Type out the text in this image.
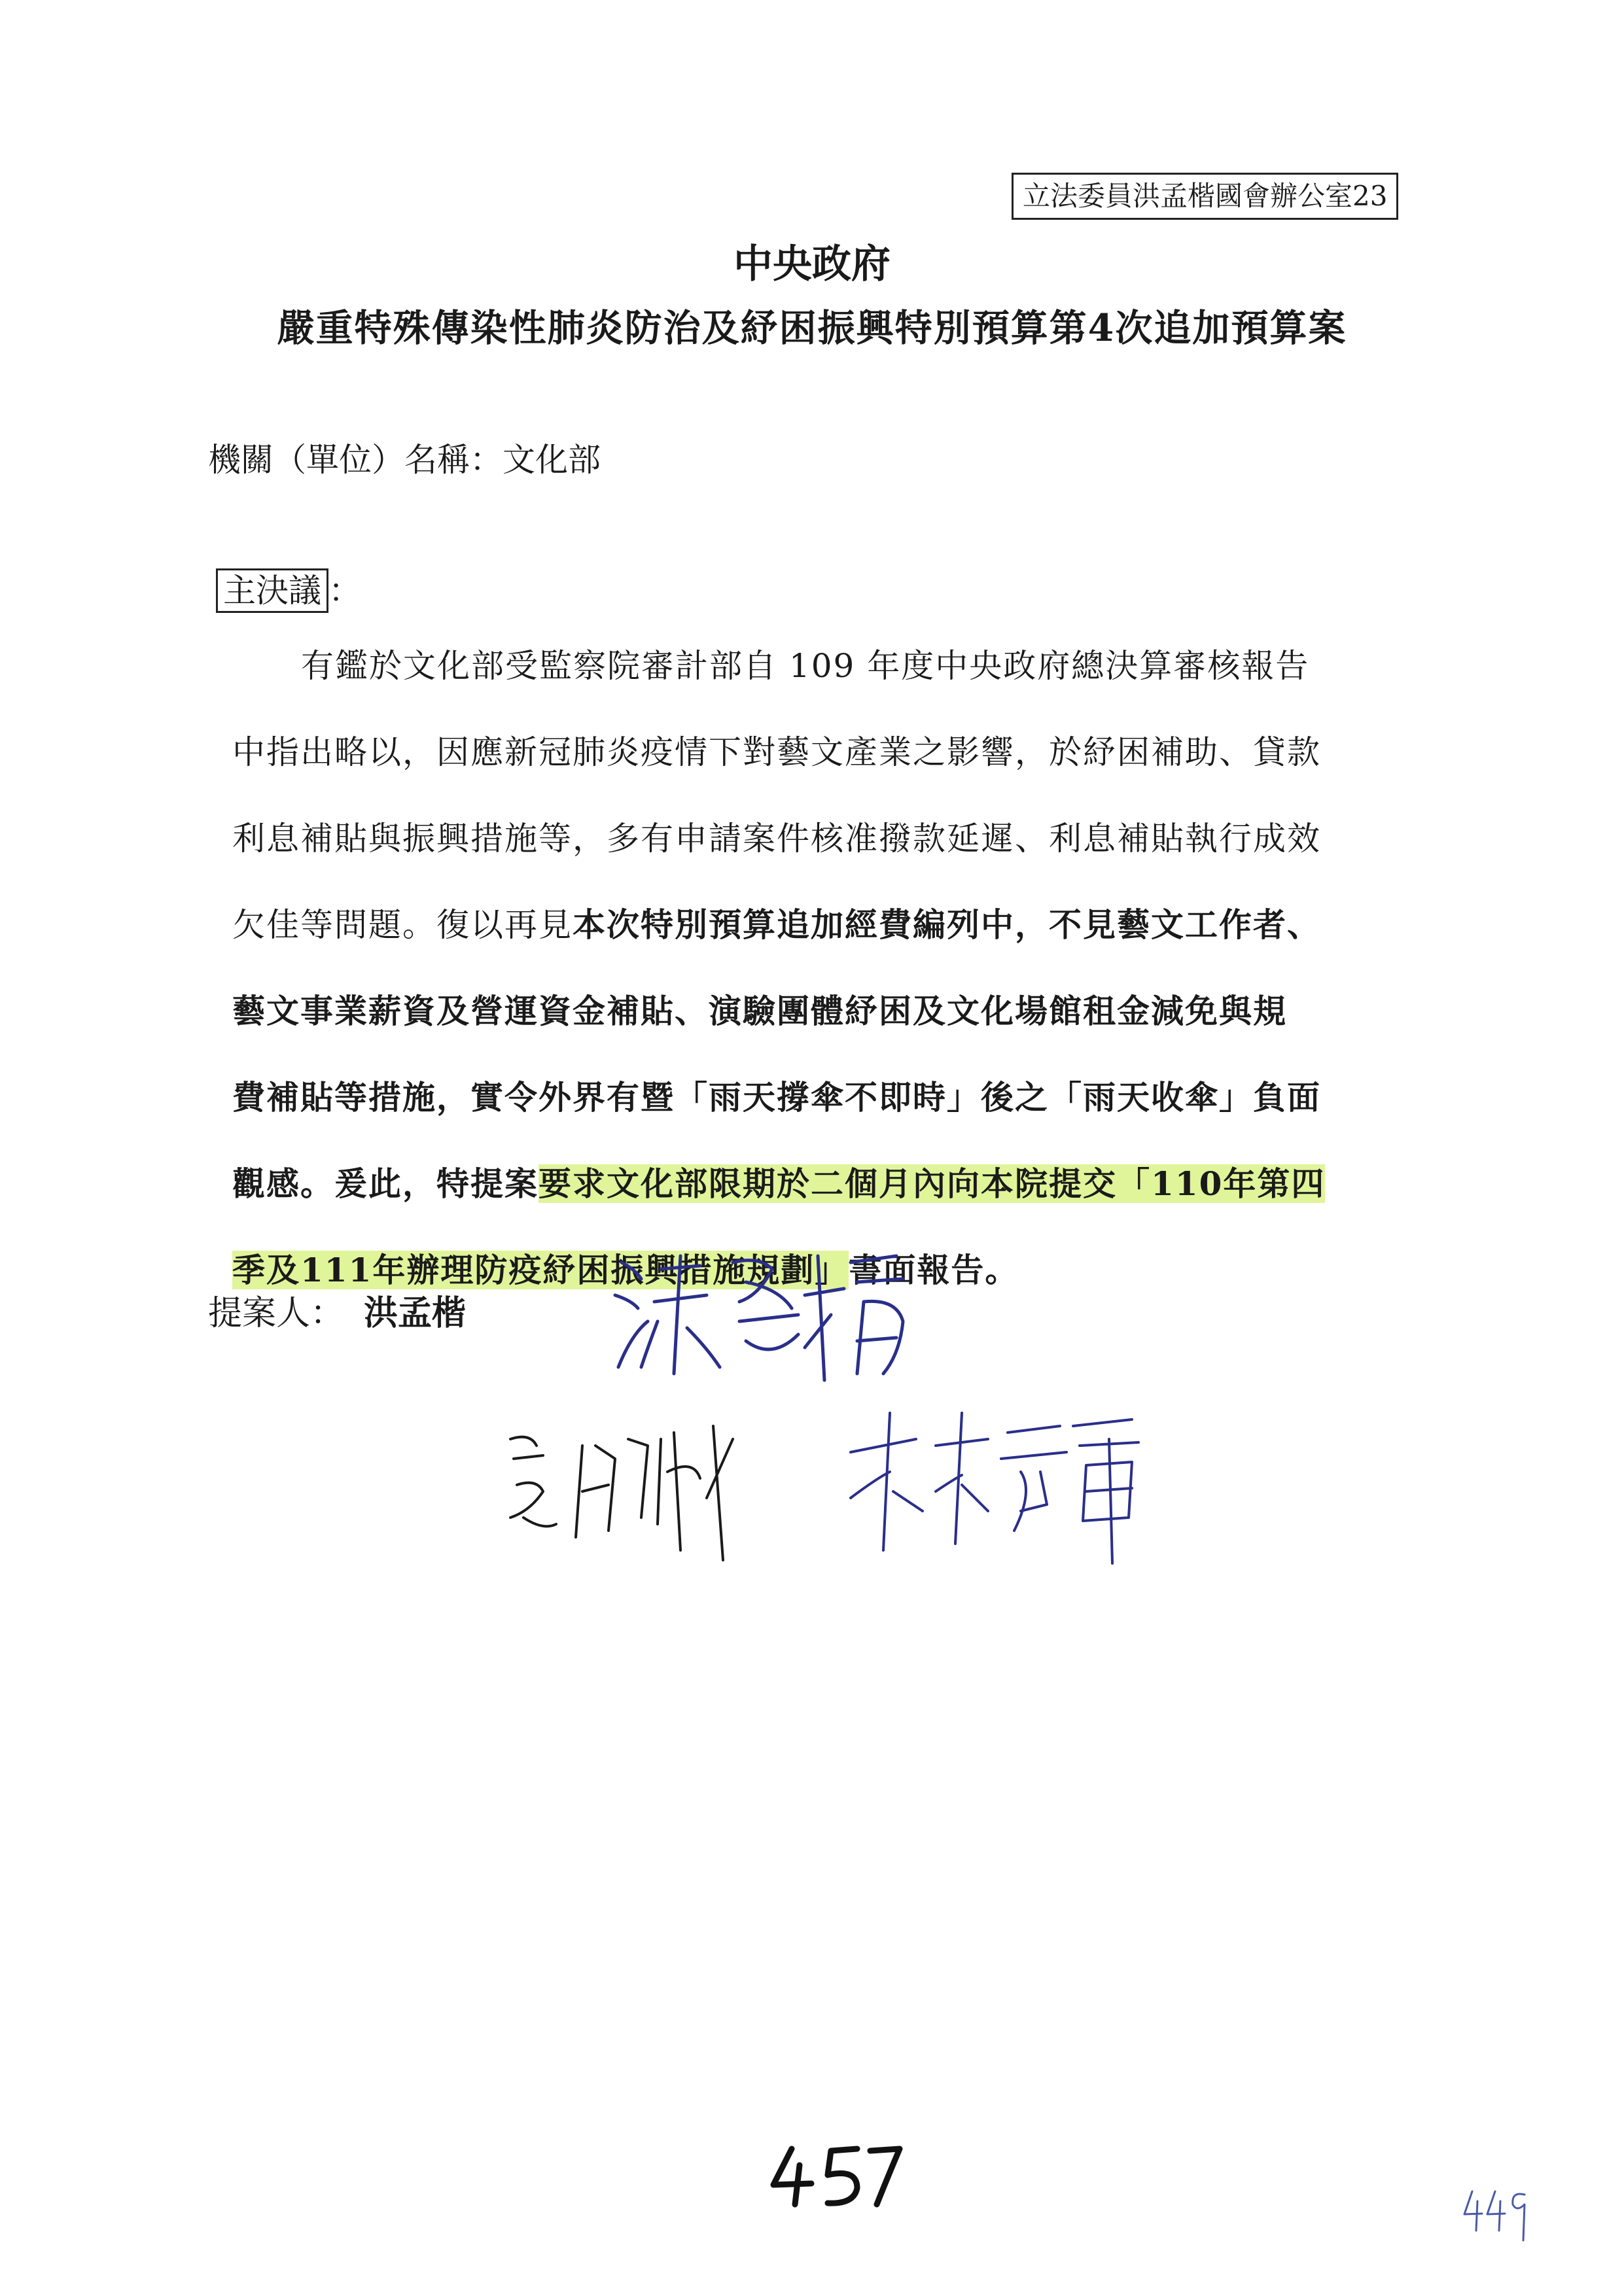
立法委員洪孟楷國會辦公室23
中央政府
嚴重特殊傳染性肺炎防治及紓困振興特別預算第4次追加預算案
機關（單位）名稱：文化部
主決議 ：
有鑑於文化部受監察院審計部自 109 年度中央政府總決算審核報告
中指出略以，因應新冠肺炎疫情下對藝文產業之影響，於紓困補助、貸款
利息補貼與振興措施等，多有申請案件核准撥款延遲、利息補貼執行成效
欠佳等問題。復以再見本次特別預算追加經費編列中，不見藝文工作者、
藝文事業薪資及營運資金補貼、演驗團體紓困及文化場館租金減免與規
費補貼等措施，實令外界有暨「雨天撐傘不即時」後之「雨天收傘」負面
觀感。爰此，特提案要求文化部限期於二個月內向本院提交「110年第四
季及111年辦理防疫紓困振興措施規劃」書面報告。
提案人： 洪孟楷
